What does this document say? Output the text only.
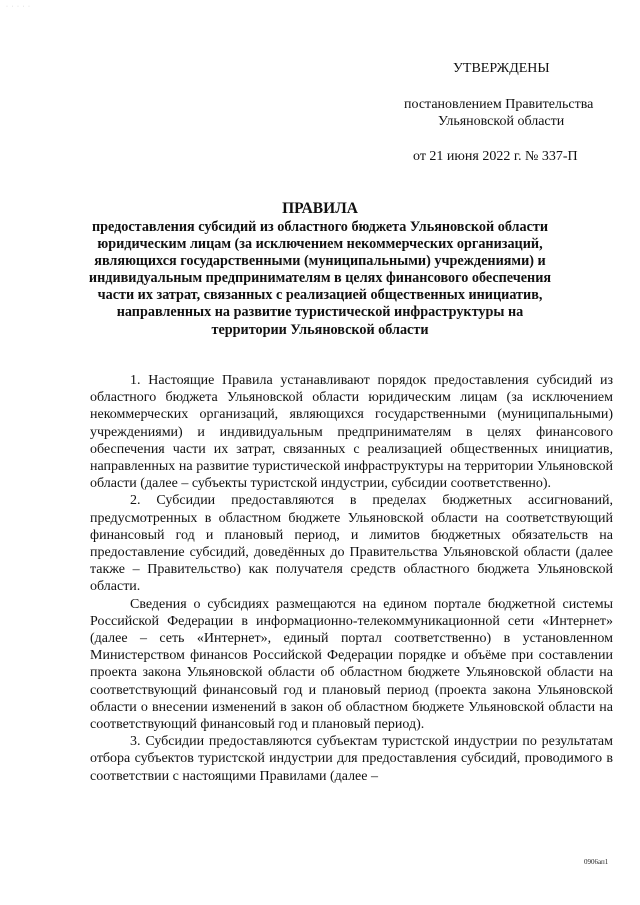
· · · · ·
УТВЕРЖДЕНЫ
постановлением Правительства
Ульяновской области
от 21 июня 2022 г. № 337-П
ПРАВИЛА
предоставления субсидий из областного бюджета Ульяновской области юридическим лицам (за исключением некоммерческих организаций, являющихся государственными (муниципальными) учреждениями) и индивидуальным предпринимателям в целях финансового обеспечения части их затрат, связанных с реализацией общественных инициатив, направленных на развитие туристической инфраструктуры на территории Ульяновской области

1. Настоящие Правила устанавливают порядок предоставления субсидий из областного бюджета Ульяновской области юридическим лицам (за исключением некоммерческих организаций, являющихся государственными (муниципальными) учреждениями) и индивидуальным предпринимателям в целях финансового обеспечения части их затрат, связанных с реализацией общественных инициатив, направленных на развитие туристической инфраструктуры на территории Ульяновской области (далее – субъекты туристской индустрии, субсидии соответственно).

2. Субсидии предоставляются в пределах бюджетных ассигнований, предусмотренных в областном бюджете Ульяновской области на соответствующий финансовый год и плановый период, и лимитов бюджетных обязательств на предоставление субсидий, доведённых до Правительства Ульяновской области (далее также – Правительство) как получателя средств областного бюджета Ульяновской области.

Сведения о субсидиях размещаются на едином портале бюджетной системы Российской Федерации в информационно-телекоммуникационной сети «Интернет» (далее – сеть «Интернет», единый портал соответственно) в установленном Министерством финансов Российской Федерации порядке и объёме при составлении проекта закона Ульяновской области об областном бюджете Ульяновской области на соответствующий финансовый год и плановый период (проекта закона Ульяновской области о внесении изменений в закон об областном бюджете Ульяновской области на соответствующий финансовый год и плановый период).

3. Субсидии предоставляются субъектам туристской индустрии по результатам отбора субъектов туристской индустрии для предоставления субсидий, проводимого в соответствии с настоящими Правилами (далее –

0906ап1
